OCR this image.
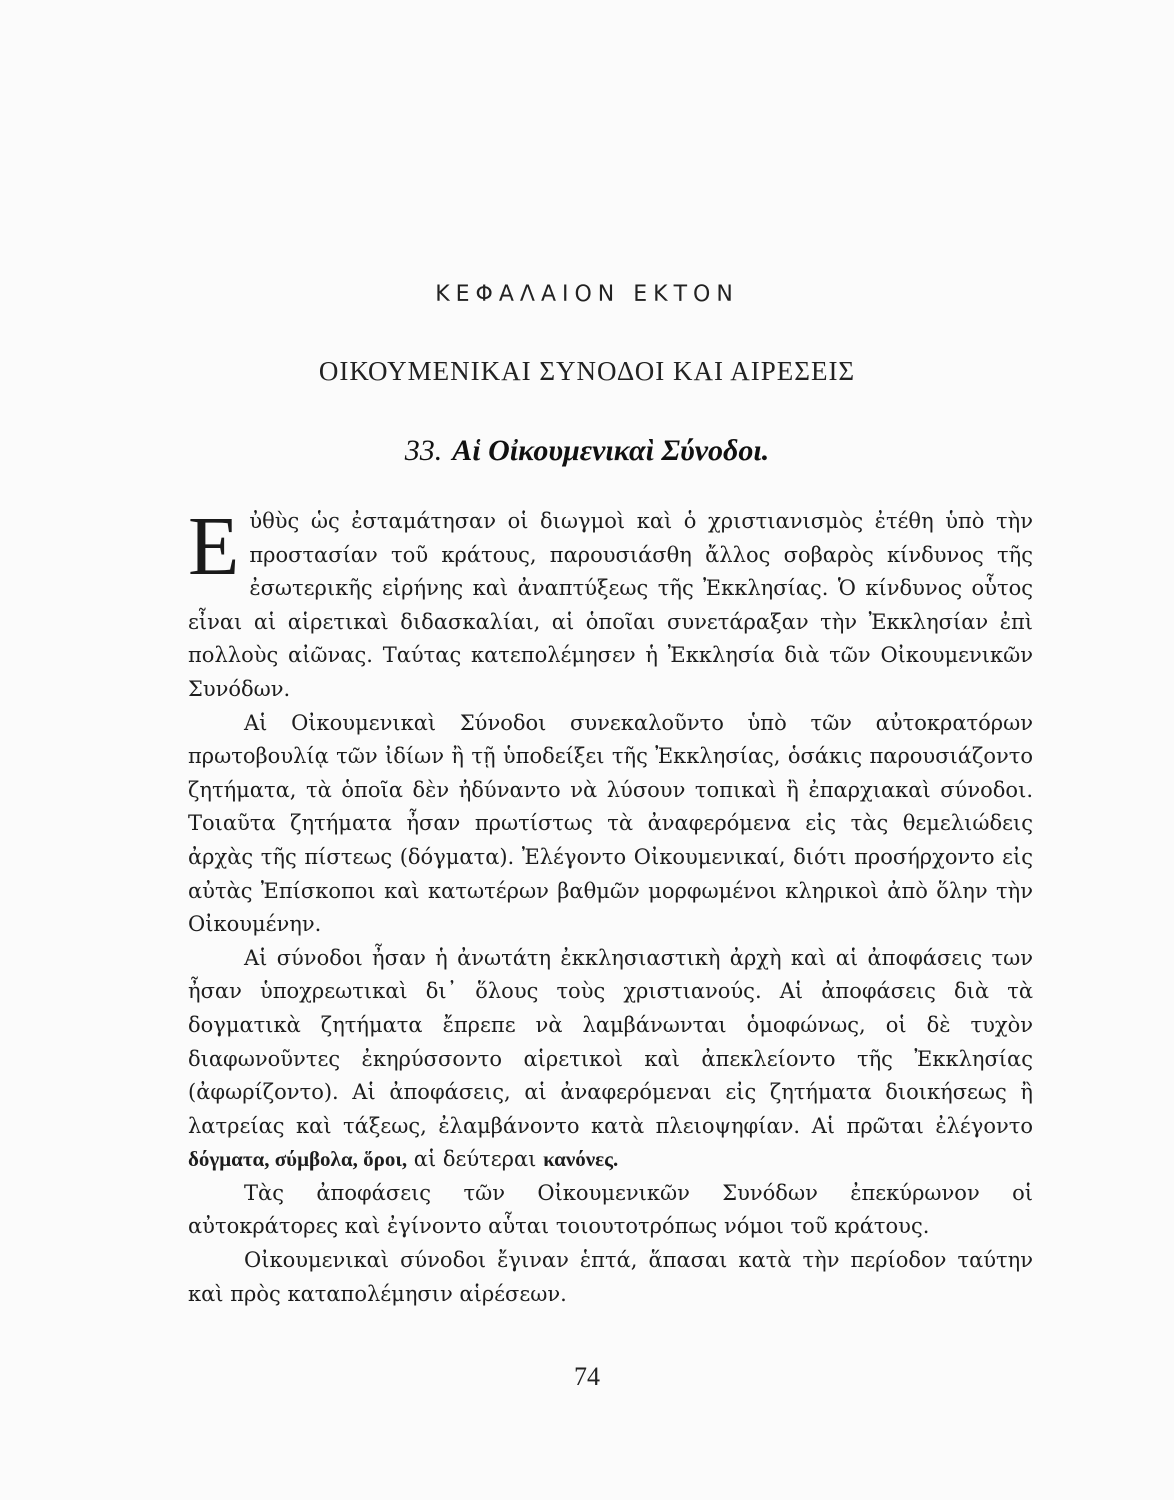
ΚΕΦΑΛΑΙΟΝ ΕΚΤΟΝ
ΟΙΚΟΥΜΕΝΙΚΑΙ ΣΥΝΟΔΟΙ ΚΑΙ ΑΙΡΕΣΕΙΣ
33. Αἱ Οἰκουμενικαὶ Σύνοδοι.

Εὐθὺς ὡς ἐσταμάτησαν οἱ διωγμοὶ καὶ ὁ χριστιανισμὸς ἐτέθη ὑπὸ τὴν προστασίαν τοῦ κράτους, παρουσιάσθη ἄλλος σοβαρὸς κίνδυνος τῆς ἐσωτερικῆς εἰρήνης καὶ ἀναπτύξεως τῆς Ἐκκλησίας. Ὁ κίνδυνος οὗτος εἶναι αἱ αἱρετικαὶ διδασκαλίαι, αἱ ὁποῖαι συνετάραξαν τὴν Ἐκκλησίαν ἐπὶ πολλοὺς αἰῶνας. Ταύτας κατεπολέμησεν ἡ Ἐκκλησία διὰ τῶν Οἰκουμενικῶν Συνόδων.

Αἱ Οἰκουμενικαὶ Σύνοδοι συνεκαλοῦντο ὑπὸ τῶν αὐτοκρατόρων πρωτοβουλίᾳ τῶν ἰδίων ἢ τῇ ὑποδείξει τῆς Ἐκκλησίας, ὁσάκις παρουσιάζοντο ζητήματα, τὰ ὁποῖα δὲν ἠδύναντο νὰ λύσουν τοπικαὶ ἢ ἐπαρχιακαὶ σύνοδοι. Τοιαῦτα ζητήματα ἦσαν πρωτίστως τὰ ἀναφερόμενα εἰς τὰς θεμελιώδεις ἀρχὰς τῆς πίστεως (δόγματα). Ἐλέγοντο Οἰκουμενικαί, διότι προσήρχοντο εἰς αὐτὰς Ἐπίσκοποι καὶ κατωτέρων βαθμῶν μορφωμένοι κληρικοὶ ἀπὸ ὅλην τὴν Οἰκουμένην.

Αἱ σύνοδοι ἦσαν ἡ ἀνωτάτη ἐκκλησιαστικὴ ἀρχὴ καὶ αἱ ἀποφάσεις των ἦσαν ὑποχρεωτικαὶ δι᾽ ὅλους τοὺς χριστιανούς. Αἱ ἀποφάσεις διὰ τὰ δογματικὰ ζητήματα ἔπρεπε νὰ λαμβάνωνται ὁμοφώνως, οἱ δὲ τυχὸν διαφωνοῦντες ἐκηρύσσοντο αἱρετικοὶ καὶ ἀπεκλείοντο τῆς Ἐκκλησίας (ἀφωρίζοντο). Αἱ ἀποφάσεις, αἱ ἀναφερόμεναι εἰς ζητήματα διοικήσεως ἢ λατρείας καὶ τάξεως, ἐλαμβάνοντο κατὰ πλειοψηφίαν. Αἱ πρῶται ἐλέγοντο δόγματα, σύμβολα, ὅροι, αἱ δεύτεραι κανόνες.

Τὰς ἀποφάσεις τῶν Οἰκουμενικῶν Συνόδων ἐπεκύρωνον οἱ αὐτοκράτορες καὶ ἐγίνοντο αὗται τοιουτοτρόπως νόμοι τοῦ κράτους.

Οἰκουμενικαὶ σύνοδοι ἔγιναν ἑπτά, ἅπασαι κατὰ τὴν περίοδον ταύτην καὶ πρὸς καταπολέμησιν αἱρέσεων.

74
